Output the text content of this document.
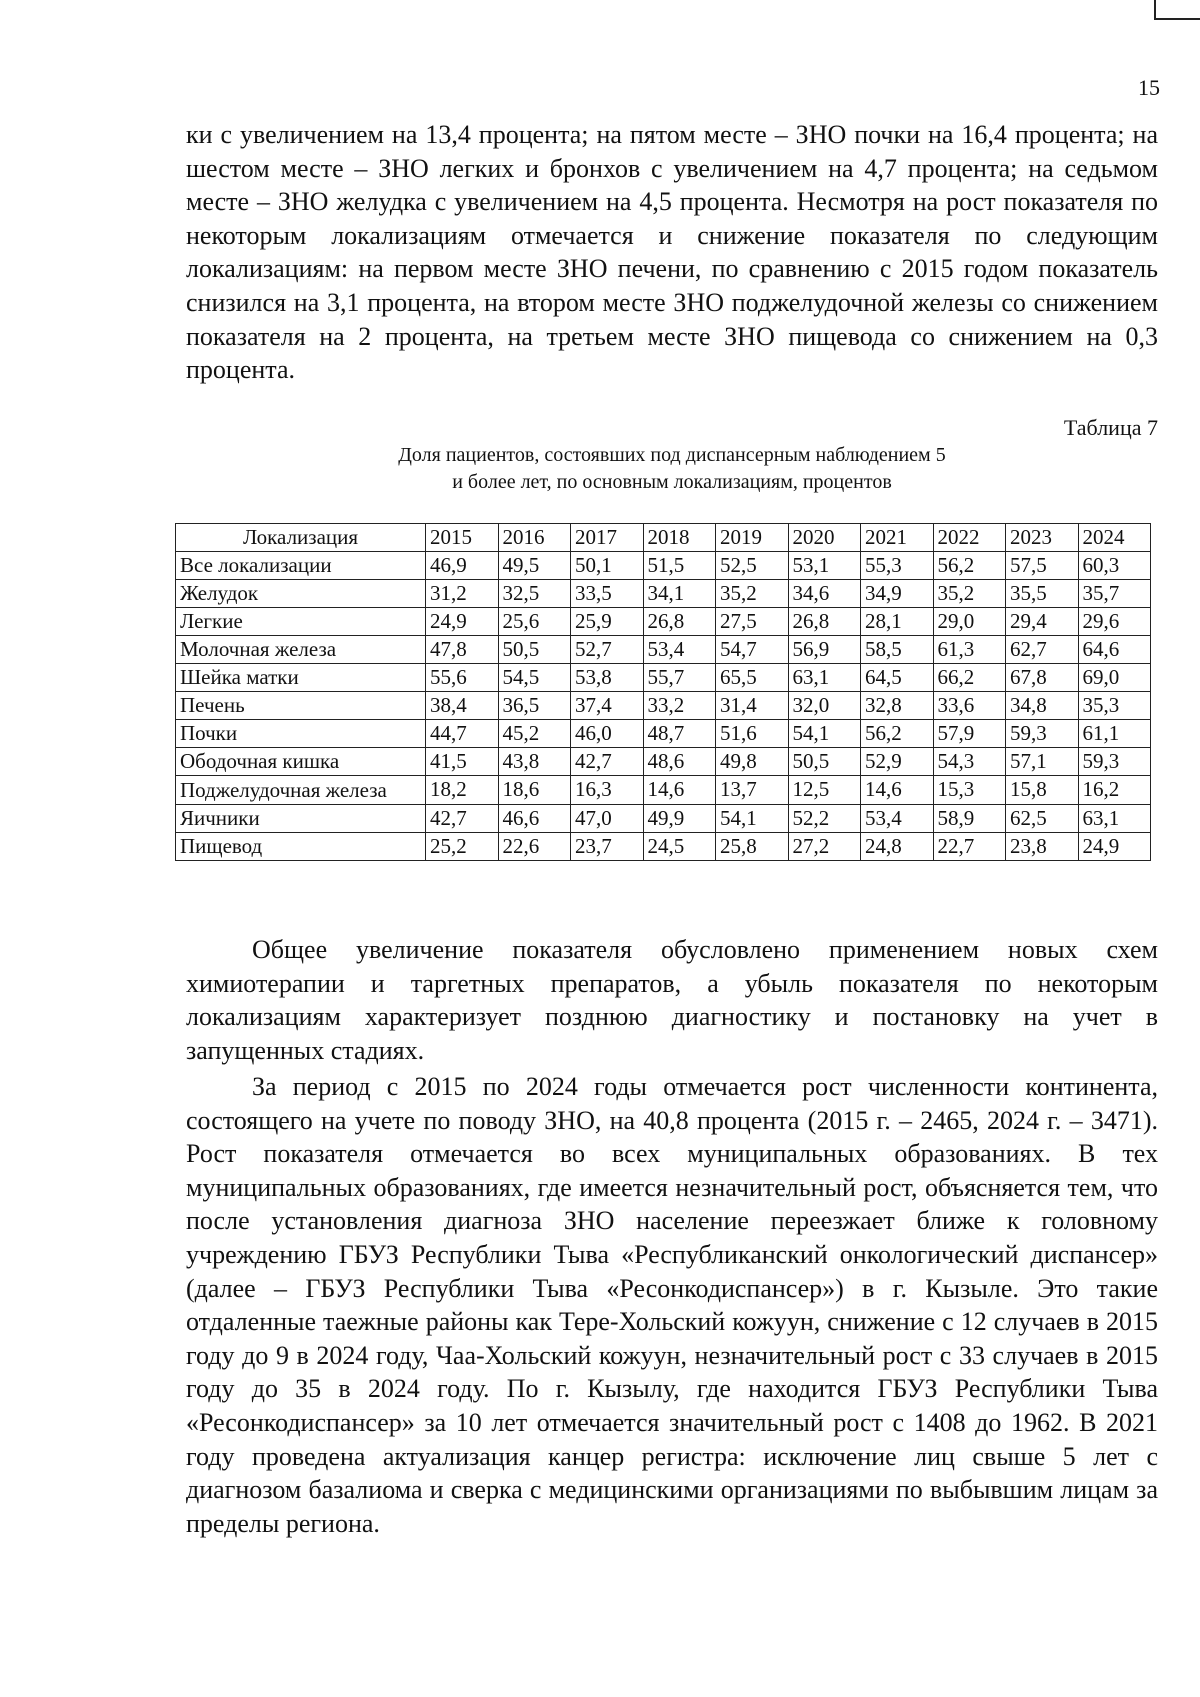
15

ки с увеличением на 13,4 процента; на пятом месте – ЗНО почки на 16,4 процента; на шестом месте – ЗНО легких и бронхов с увеличением на 4,7 процента; на седьмом месте – ЗНО желудка с увеличением на 4,5 процента. Несмотря на рост показателя по некоторым локализациям отмечается и снижение показателя по следующим локализациям: на первом месте ЗНО печени, по сравнению с 2015 годом показатель снизился на 3,1 процента, на втором месте ЗНО поджелудочной железы со снижением показателя на 2 процента, на третьем месте ЗНО пищевода со снижением на 0,3 процента.

Таблица 7
Доля пациентов, состоявших под диспансерным наблюдением 5
и более лет, по основным локализациям, процентов
Локализация	2015	2016	2017	2018	2019	2020	2021	2022	2023	2024
Все локализации	46,9	49,5	50,1	51,5	52,5	53,1	55,3	56,2	57,5	60,3
Желудок	31,2	32,5	33,5	34,1	35,2	34,6	34,9	35,2	35,5	35,7
Легкие	24,9	25,6	25,9	26,8	27,5	26,8	28,1	29,0	29,4	29,6
Молочная железа	47,8	50,5	52,7	53,4	54,7	56,9	58,5	61,3	62,7	64,6
Шейка матки	55,6	54,5	53,8	55,7	65,5	63,1	64,5	66,2	67,8	69,0
Печень	38,4	36,5	37,4	33,2	31,4	32,0	32,8	33,6	34,8	35,3
Почки	44,7	45,2	46,0	48,7	51,6	54,1	56,2	57,9	59,3	61,1
Ободочная кишка	41,5	43,8	42,7	48,6	49,8	50,5	52,9	54,3	57,1	59,3
Поджелудочная железа	18,2	18,6	16,3	14,6	13,7	12,5	14,6	15,3	15,8	16,2
Яичники	42,7	46,6	47,0	49,9	54,1	52,2	53,4	58,9	62,5	63,1
Пищевод	25,2	22,6	23,7	24,5	25,8	27,2	24,8	22,7	23,8	24,9

Общее увеличение показателя обусловлено применением новых схем химиотерапии и таргетных препаратов, а убыль показателя по некоторым локализациям характеризует позднюю диагностику и постановку на учет в запущенных стадиях.

За период с 2015 по 2024 годы отмечается рост численности континента, состоящего на учете по поводу ЗНО, на 40,8 процента (2015 г. – 2465, 2024 г. – 3471). Рост показателя отмечается во всех муниципальных образованиях. В тех муниципальных образованиях, где имеется незначительный рост, объясняется тем, что после установления диагноза ЗНО население переезжает ближе к головному учреждению ГБУЗ Республики Тыва «Республиканский онкологический диспансер» (далее – ГБУЗ Республики Тыва «Ресонкодиспансер») в г. Кызыле. Это такие отдаленные таежные районы как Тере-Хольский кожуун, снижение с 12 случаев в 2015 году до 9 в 2024 году, Чаа-Хольский кожуун, незначительный рост с 33 случаев в 2015 году до 35 в 2024 году. По г. Кызылу, где находится ГБУЗ Республики Тыва «Ресонкодиспансер» за 10 лет отмечается значительный рост с 1408 до 1962. В 2021 году проведена актуализация канцер регистра: исключение лиц свыше 5 лет с диагнозом базалиома и сверка с медицинскими организациями по выбывшим лицам за пределы региона.
